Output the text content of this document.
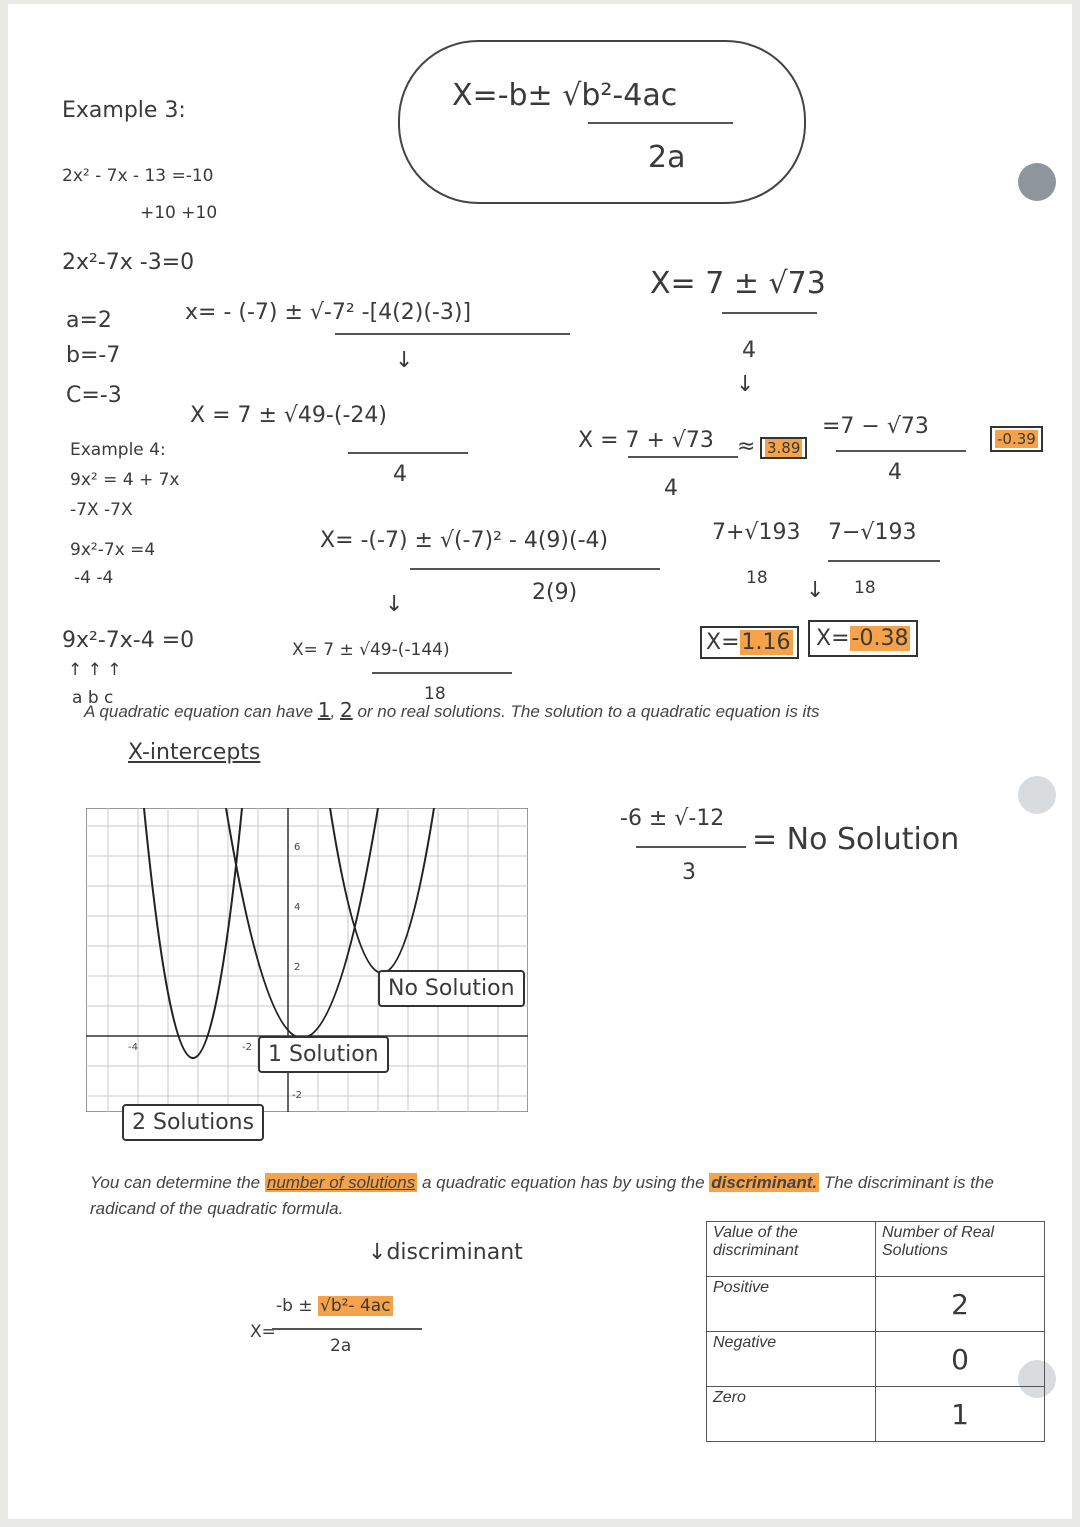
X=-b± √b²-4ac
2a
Example 3:
2x² - 7x - 13 =-10
+10 +10
2x²-7x -3=0
a=2
b=-7
C=-3
x= - (-7) ± √-7² -[4(2)(-3)]
↓
X = 7 ± √49-(-24)
4
X= 7 ± √73
4
↓
X = 7 + √73
4
≈ 3.89
=7 − √73
4
-0.39
Example 4:
9x² = 4 + 7x
-7X -7X
9x²-7x =4
-4 -4
9x²-7x-4 =0
↑ ↑ ↑
a b c
X= -(-7) ± √(-7)² - 4(9)(-4)
2(9)
↓
X= 7 ± √49-(-144)
18
7+√193
18
7−√193
↓ 18
X=1.16	X=-0.38
A quadratic equation can have 1, 2 or no real solutions. The solution to a quadratic equation is its
X-intercepts
-6 ± √-12
3
= No Solution
6
4
2
-2
-4	-2
No Solution
1 Solution
2 Solutions
You can determine the number of solutions a quadratic equation has by using the discriminant. The discriminant is the radicand of the quadratic formula.
↓discriminant
X=
-b ± √b²- 4ac
2a
Value of the discriminant	Number of Real Solutions
Positive	2
Negative	0
Zero	1
